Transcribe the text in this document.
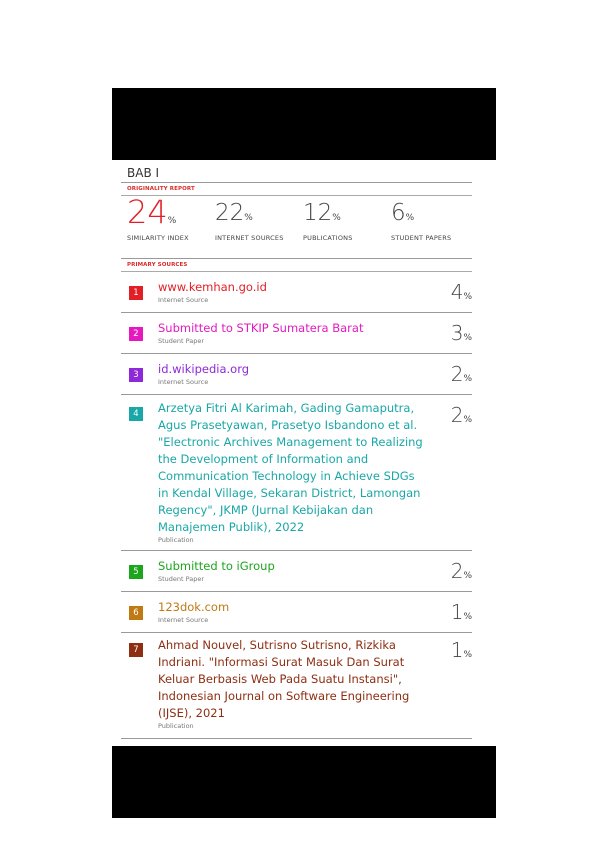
BAB I
ORIGINALITY REPORT
24%
SIMILARITY INDEX
22%
INTERNET SOURCES
12%
PUBLICATIONS
6%
STUDENT PAPERS
PRIMARY SOURCES
1	www.kemhan.go.id
Internet Source	4%
2	Submitted to STKIP Sumatera Barat
Student Paper	3%
3	id.wikipedia.org
Internet Source	2%
4	Arzetya Fitri Al Karimah, Gading Gamaputra,
Agus Prasetyawan, Prasetyo Isbandono et al.
"Electronic Archives Management to Realizing
the Development of Information and
Communication Technology in Achieve SDGs
in Kendal Village, Sekaran District, Lamongan
Regency", JKMP (Jurnal Kebijakan dan
Manajemen Publik), 2022
Publication
2%
5	Submitted to iGroup
Student Paper	2%
6	123dok.com
Internet Source	1%
7	Ahmad Nouvel, Sutrisno Sutrisno, Rizkika
Indriani. "Informasi Surat Masuk Dan Surat
Keluar Berbasis Web Pada Suatu Instansi",
Indonesian Journal on Software Engineering
(IJSE), 2021
Publication
1%
